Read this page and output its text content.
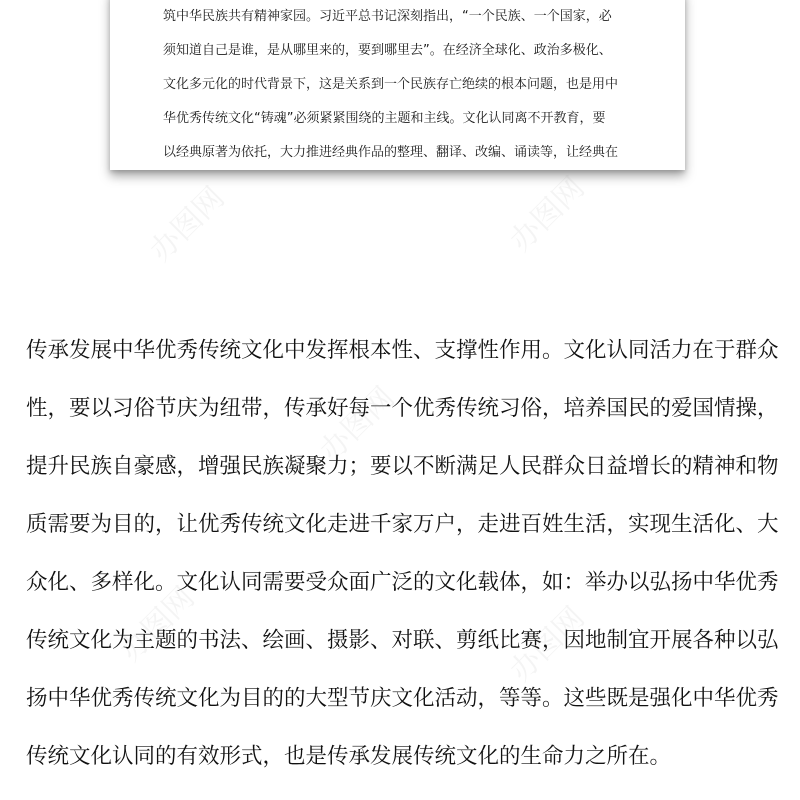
筑中华民族共有精神家园。习近平总书记深刻指出，“一个民族、一个国家，必
须知道自己是谁，是从哪里来的，要到哪里去”。在经济全球化、政治多极化、
文化多元化的时代背景下，这是关系到一个民族存亡绝续的根本问题，也是用中
华优秀传统文化“铸魂”必须紧紧围绕的主题和主线。文化认同离不开教育，要
以经典原著为依托，大力推进经典作品的整理、翻译、改编、诵读等，让经典在
传承发展中华优秀传统文化中发挥根本性、支撑性作用。文化认同活力在于群众
性，要以习俗节庆为纽带，传承好每一个优秀传统习俗，培养国民的爱国情操，
提升民族自豪感，增强民族凝聚力；要以不断满足人民群众日益增长的精神和物
质需要为目的，让优秀传统文化走进千家万户，走进百姓生活，实现生活化、大
众化、多样化。文化认同需要受众面广泛的文化载体，如：举办以弘扬中华优秀
传统文化为主题的书法、绘画、摄影、对联、剪纸比赛，因地制宜开展各种以弘
扬中华优秀传统文化为目的的大型节庆文化活动，等等。这些既是强化中华优秀
传统文化认同的有效形式，也是传承发展传统文化的生命力之所在。
办图网	办图网
办图网
办图网	办图网
